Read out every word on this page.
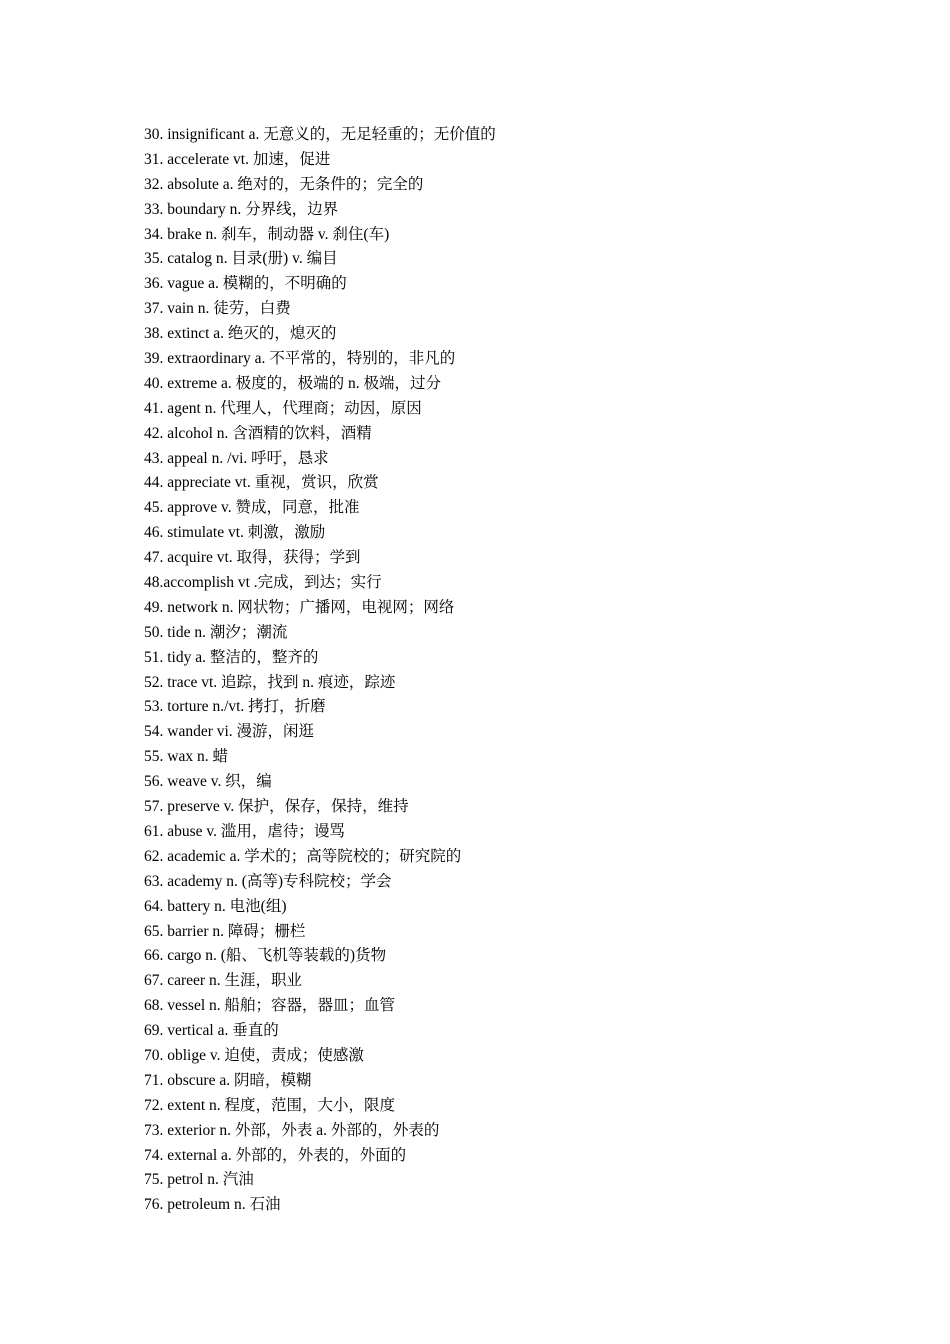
30. insignificant a. 无意义的，无足轻重的；无价值的
31. accelerate vt. 加速，促进
32. absolute a. 绝对的，无条件的；完全的
33. boundary n. 分界线，边界
34. brake n. 刹车，制动器 v. 刹住(车)
35. catalog n. 目录(册) v. 编目
36. vague a. 模糊的，不明确的
37. vain n. 徒劳，白费
38. extinct a. 绝灭的，熄灭的
39. extraordinary a. 不平常的，特别的，非凡的
40. extreme a. 极度的，极端的 n. 极端，过分
41. agent n. 代理人，代理商；动因，原因
42. alcohol n. 含酒精的饮料，酒精
43. appeal n. /vi. 呼吁，恳求
44. appreciate vt. 重视，赏识，欣赏
45. approve v. 赞成，同意，批准
46. stimulate vt. 刺激，激励
47. acquire vt. 取得，获得；学到
48.accomplish vt .完成，到达；实行
49. network n. 网状物；广播网，电视网；网络
50. tide n. 潮汐；潮流
51. tidy a. 整洁的，整齐的
52. trace vt. 追踪，找到 n. 痕迹，踪迹
53. torture n./vt. 拷打，折磨
54. wander vi. 漫游，闲逛
55. wax n. 蜡
56. weave v. 织，编
57. preserve v. 保护，保存，保持，维持
61. abuse v. 滥用，虐待；谩骂
62. academic a. 学术的；高等院校的；研究院的
63. academy n. (高等)专科院校；学会
64. battery n. 电池(组)
65. barrier n. 障碍；栅栏
66. cargo n. (船、飞机等装载的)货物
67. career n. 生涯，职业
68. vessel n. 船舶；容器，器皿；血管
69. vertical a. 垂直的
70. oblige v. 迫使，责成；使感激
71. obscure a. 阴暗，模糊
72. extent n. 程度，范围，大小，限度
73. exterior n. 外部，外表 a. 外部的，外表的
74. external a. 外部的，外表的，外面的
75. petrol n. 汽油
76. petroleum n. 石油
